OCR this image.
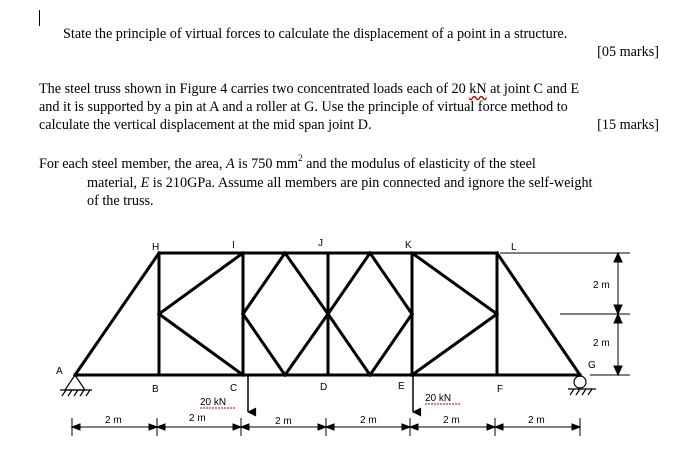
State the principle of virtual forces to calculate the displacement of a point in a structure.
[05 marks]
The steel truss shown in Figure 4 carries two concentrated loads each of 20 kN at joint C and E
and it is supported by a pin at A and a roller at G. Use the principle of virtual force method to
calculate the vertical displacement at the mid span joint D.	[15 marks]
For each steel member, the area, A is 750 $mm^2$ and the modulus of elasticity of the steel
material, E is 210GPa. Assume all members are pin connected and ignore the self-weight
of the truss.
A
B	C	D	E	F
G
H	I	J	K	L
20 kN	20 kN
2 m	2 m	2 m	2 m	2 m	2 m
2 m
2 m
